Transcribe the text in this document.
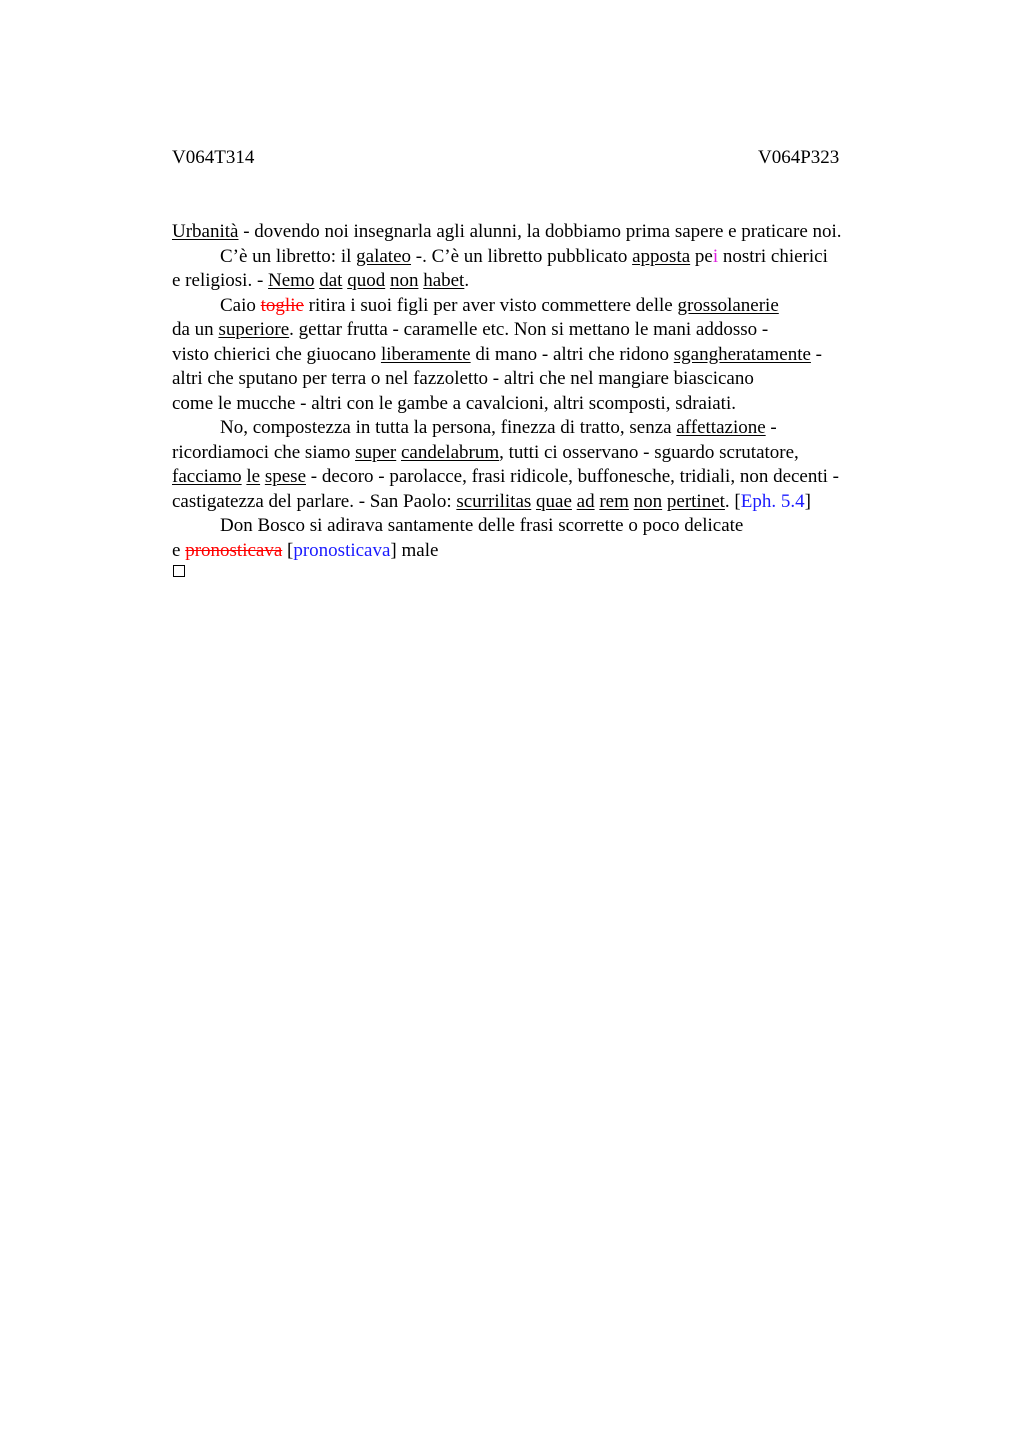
V064T314	V064P323
Urbanità - dovendo noi insegnarla agli alunni, la dobbiamo prima sapere e praticare noi.
C’è un libretto: il galateo -. C’è un libretto pubblicato apposta pei nostri chierici
e religiosi. - Nemo dat quod non habet.
Caio toglie ritira i suoi figli per aver visto commettere delle grossolanerie
da un superiore. gettar frutta - caramelle etc. Non si mettano le mani addosso -
visto chierici che giuocano liberamente di mano - altri che ridono sgangheratamente -
altri che sputano per terra o nel fazzoletto - altri che nel mangiare biascicano
come le mucche - altri con le gambe a cavalcioni, altri scomposti, sdraiati.
No, compostezza in tutta la persona, finezza di tratto, senza affettazione -
ricordiamoci che siamo super candelabrum, tutti ci osservano - sguardo scrutatore,
facciamo le spese - decoro - parolacce, frasi ridicole, buffonesche, tridiali, non decenti -
castigatezza del parlare. - San Paolo: scurrilitas quae ad rem non pertinet. [Eph. 5.4]
Don Bosco si adirava santamente delle frasi scorrette o poco delicate
e pronosticava [pronosticava] male
